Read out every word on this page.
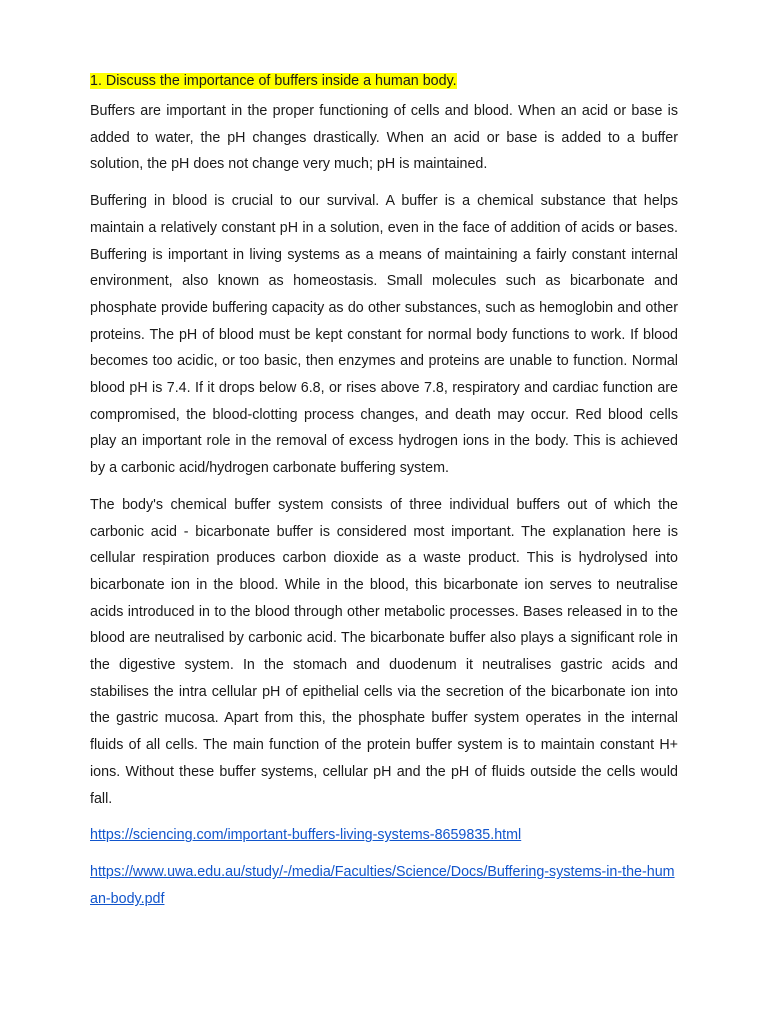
1. Discuss the importance of buffers inside a human body.

Buffers are important in the proper functioning of cells and blood. When an acid or base is added to water, the pH changes drastically. When an acid or base is added to a buffer solution, the pH does not change very much; pH is maintained.

Buffering in blood is crucial to our survival. A buffer is a chemical substance that helps maintain a relatively constant pH in a solution, even in the face of addition of acids or bases. Buffering is important in living systems as a means of maintaining a fairly constant internal environment, also known as homeostasis. Small molecules such as bicarbonate and phosphate provide buffering capacity as do other substances, such as hemoglobin and other proteins. The pH of blood must be kept constant for normal body functions to work. If blood becomes too acidic, or too basic, then enzymes and proteins are unable to function. Normal blood pH is 7.4. If it drops below 6.8, or rises above 7.8, respiratory and cardiac function are compromised, the blood-clotting process changes, and death may occur. Red blood cells play an important role in the removal of excess hydrogen ions in the body. This is achieved by a carbonic acid/hydrogen carbonate buffering system.

The body's chemical buffer system consists of three individual buffers out of which the carbonic acid - bicarbonate buffer is considered most important. The explanation here is cellular respiration produces carbon dioxide as a waste product. This is hydrolysed into bicarbonate ion in the blood. While in the blood, this bicarbonate ion serves to neutralise acids introduced in to the blood through other metabolic processes. Bases released in to the blood are neutralised by carbonic acid. The bicarbonate buffer also plays a significant role in the digestive system. In the stomach and duodenum it neutralises gastric acids and stabilises the intra cellular pH of epithelial cells via the secretion of the bicarbonate ion into the gastric mucosa. Apart from this, the phosphate buffer system operates in the internal fluids of all cells. The main function of the protein buffer system is to maintain constant H+ ions. Without these buffer systems, cellular pH and the pH of fluids outside the cells would fall.

https://sciencing.com/important-buffers-living-systems-8659835.html
https://www.uwa.edu.au/study/-/media/Faculties/Science/Docs/Buffering-systems-in-the-human-body.pdf
